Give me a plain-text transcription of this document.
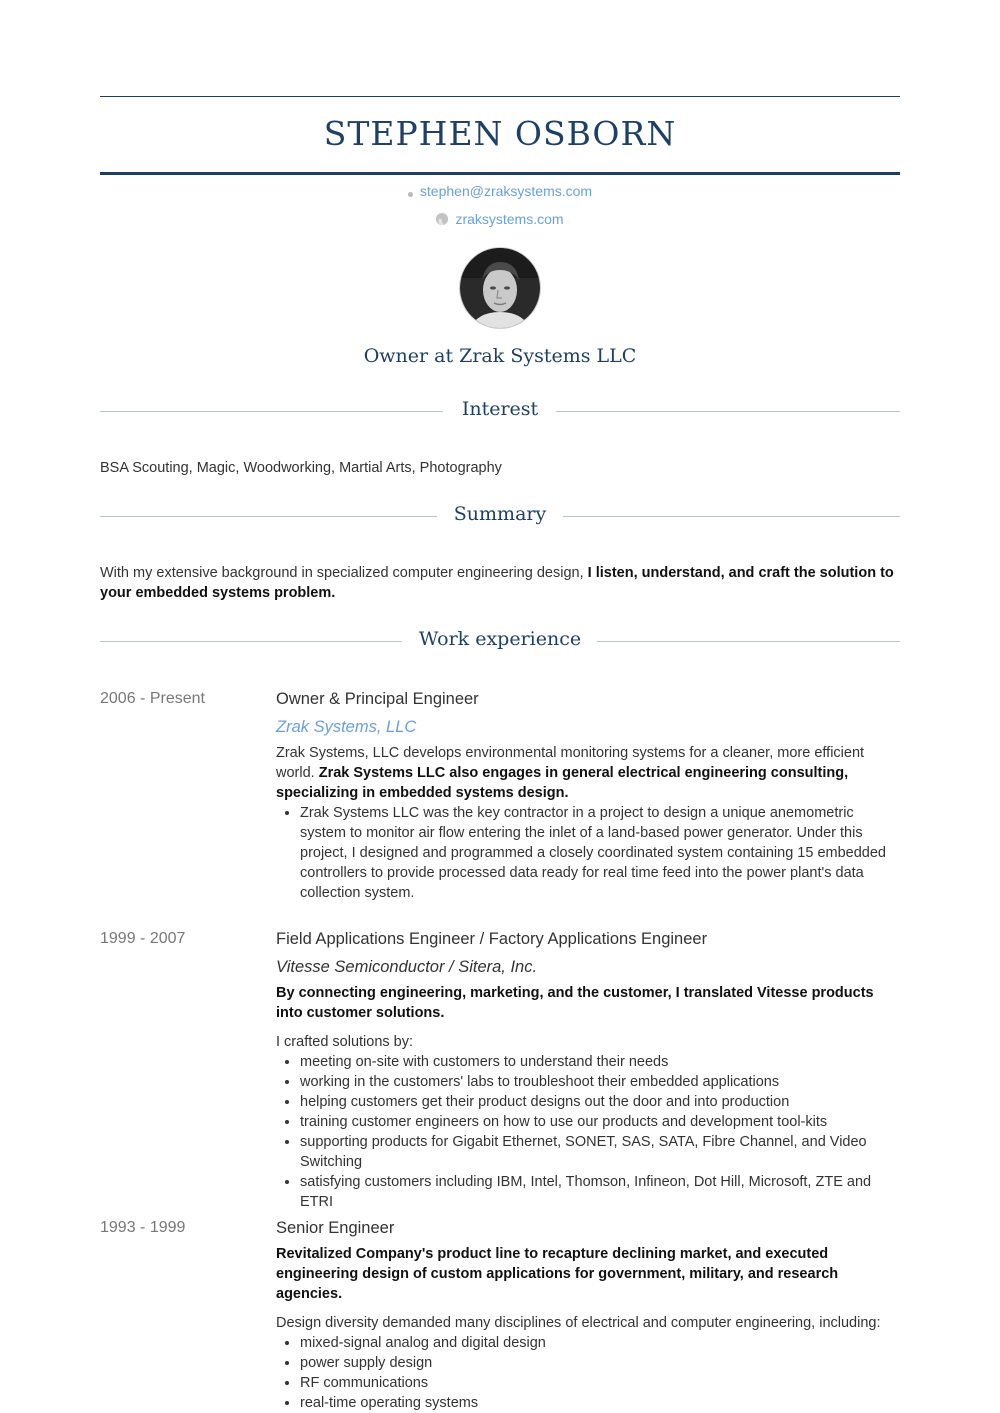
STEPHEN OSBORN
stephen@zraksystems.com
zraksystems.com
Owner at Zrak Systems LLC
Interest
BSA Scouting, Magic, Woodworking, Martial Arts, Photography
Summary
With my extensive background in specialized computer engineering design, I listen, understand, and craft the solution to your embedded systems problem.
Work experience
2006 - Present	Owner & Principal Engineer
Zrak Systems, LLC

Zrak Systems, LLC develops environmental monitoring systems for a cleaner, more efficient world. Zrak Systems LLC also engages in general electrical engineering consulting, specializing in embedded systems design.

• Zrak Systems LLC was the key contractor in a project to design a unique anemometric system to monitor air flow entering the inlet of a land-based power generator. Under this project, I designed and programmed a closely coordinated system containing 15 embedded controllers to provide processed data ready for real time feed into the power plant's data collection system.
1999 - 2007	Field Applications Engineer / Factory Applications Engineer
Vitesse Semiconductor / Sitera, Inc.

By connecting engineering, marketing, and the customer, I translated Vitesse products into customer solutions.

I crafted solutions by:

• meeting on-site with customers to understand their needs
• working in the customers' labs to troubleshoot their embedded applications
• helping customers get their product designs out the door and into production
• training customer engineers on how to use our products and development tool-kits
• supporting products for Gigabit Ethernet, SONET, SAS, SATA, Fibre Channel, and Video Switching
• satisfying customers including IBM, Intel, Thomson, Infineon, Dot Hill, Microsoft, ZTE and ETRI
1993 - 1999	Senior Engineer

Revitalized Company's product line to recapture declining market, and executed engineering design of custom applications for government, military, and research agencies.

Design diversity demanded many disciplines of electrical and computer engineering, including:

• mixed-signal analog and digital design
• power supply design
• RF communications
• real-time operating systems
